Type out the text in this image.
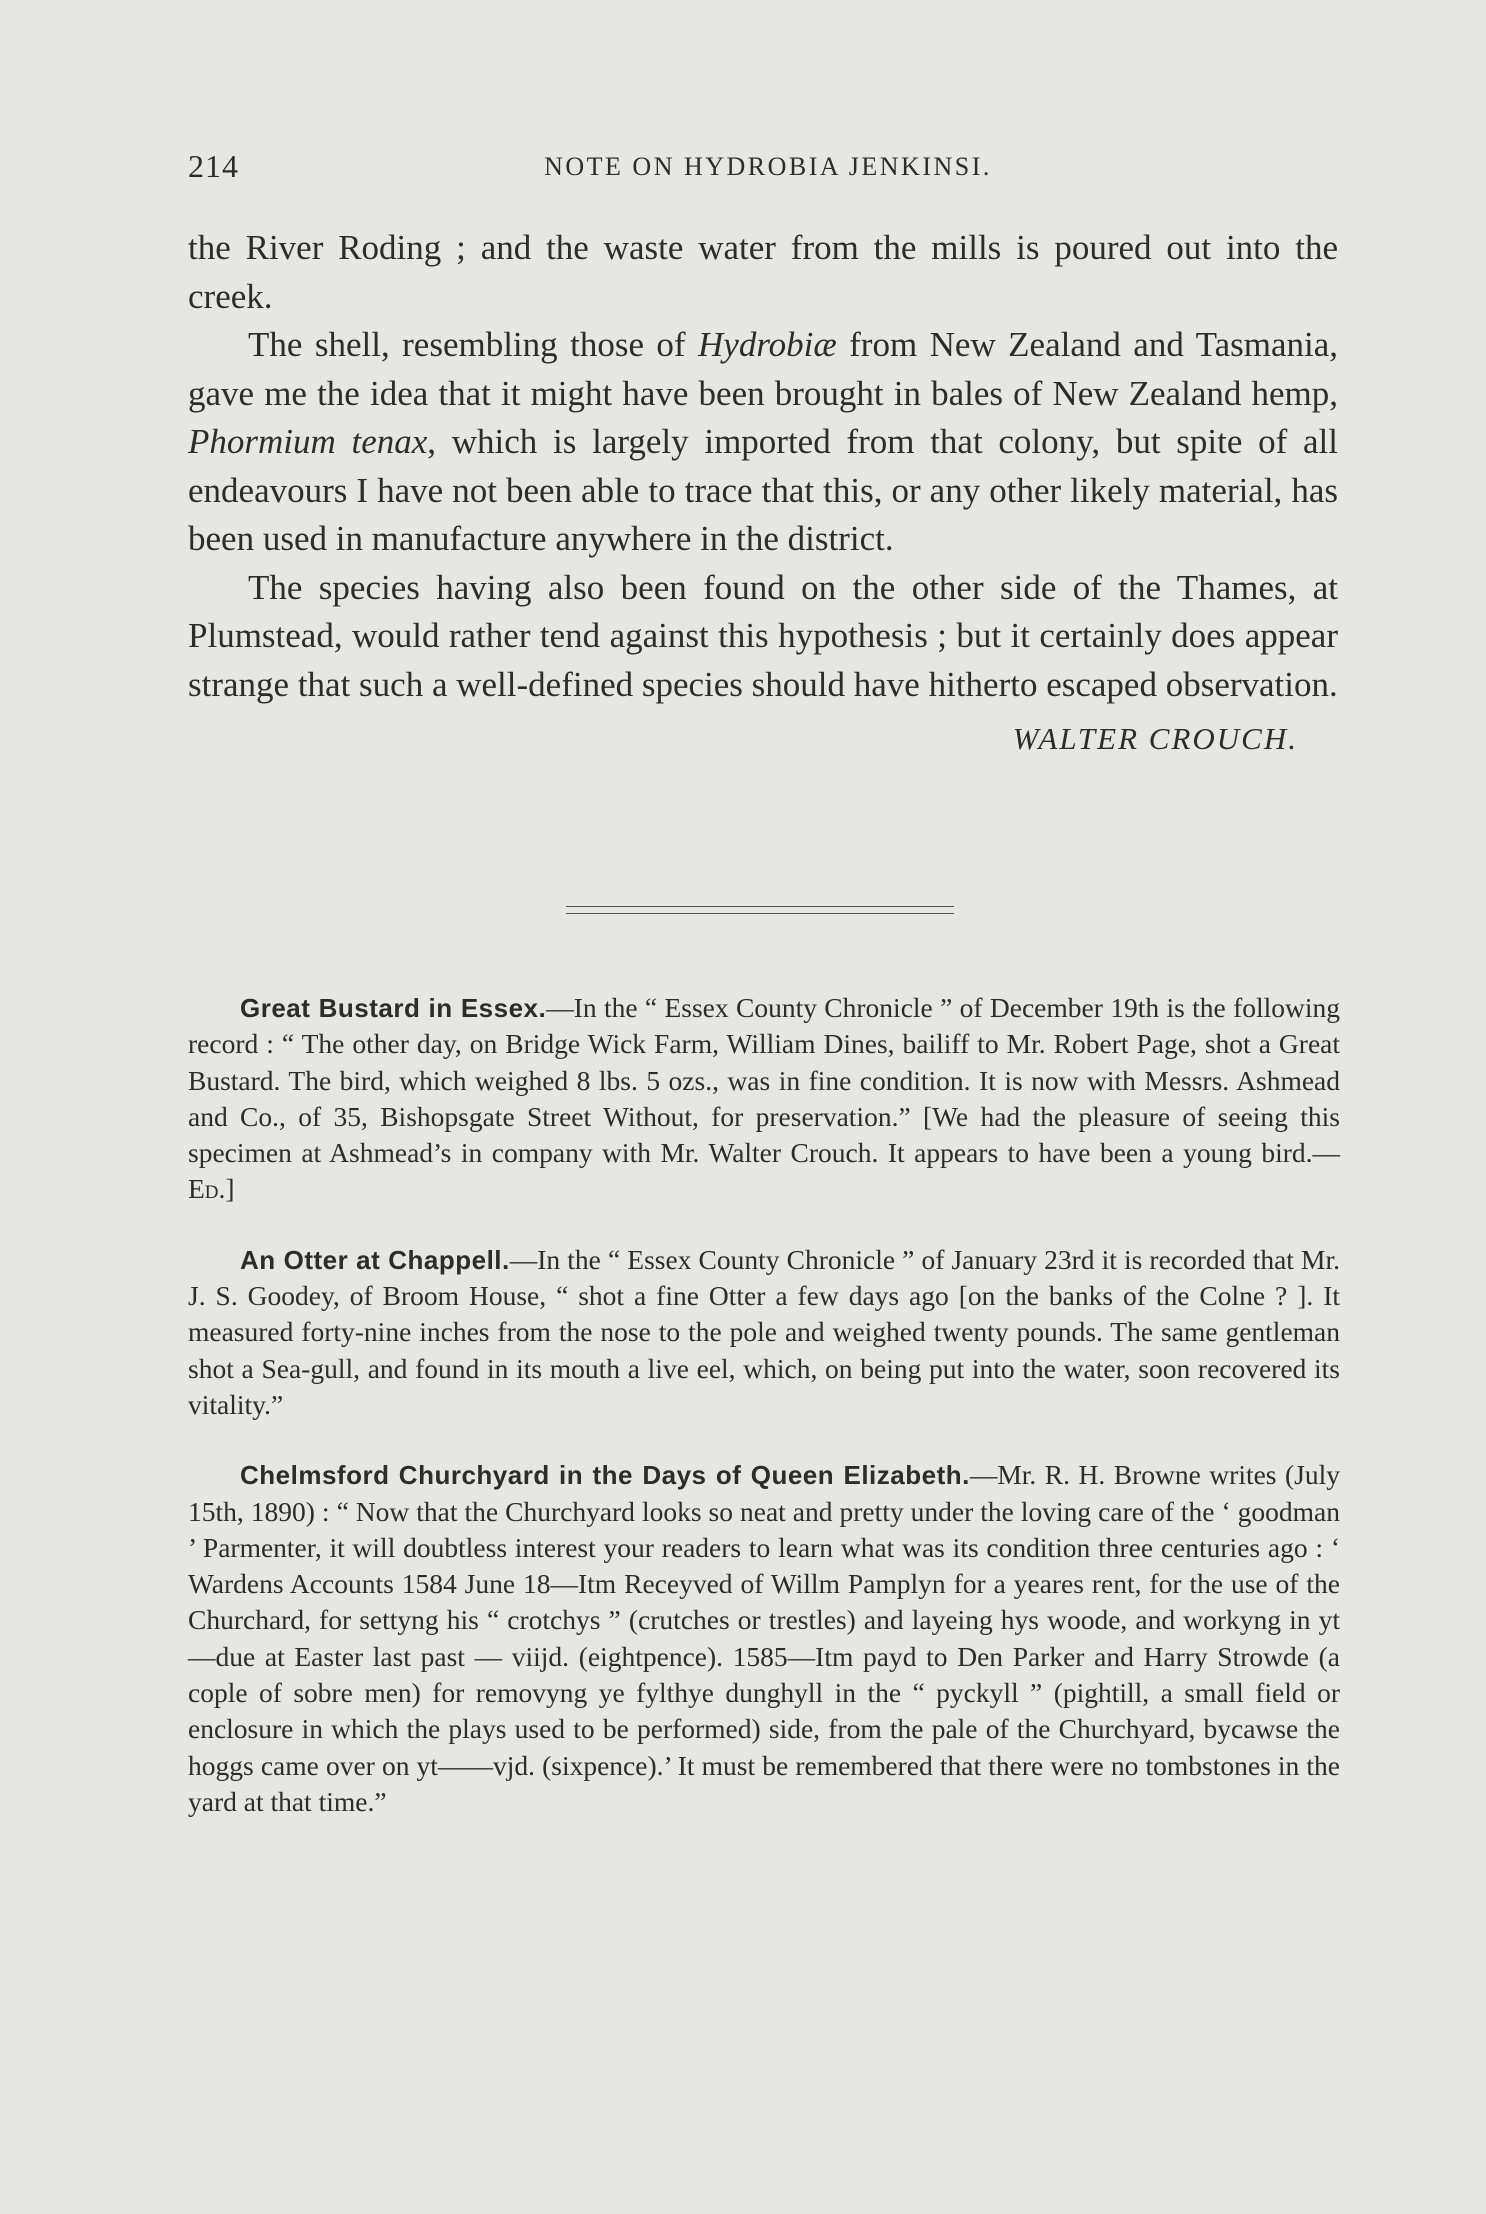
214	NOTE ON HYDROBIA JENKINSI.

the River Roding ; and the waste water from the mills is poured out into the creek.

The shell, resembling those of Hydrobiæ from New Zealand and Tasmania, gave me the idea that it might have been brought in bales of New Zealand hemp, Phormium tenax, which is largely imported from that colony, but spite of all endeavours I have not been able to trace that this, or any other likely material, has been used in manufacture anywhere in the district.

The species having also been found on the other side of the Thames, at Plumstead, would rather tend against this hypothesis ; but it certainly does appear strange that such a well-defined species should have hitherto escaped observation.

WALTER CROUCH.

Great Bustard in Essex.—In the “ Essex County Chronicle ” of December 19th is the following record : “ The other day, on Bridge Wick Farm, William Dines, bailiff to Mr. Robert Page, shot a Great Bustard. The bird, which weighed 8 lbs. 5 ozs., was in fine condition. It is now with Messrs. Ashmead and Co., of 35, Bishopsgate Street Without, for preservation.” [We had the pleasure of seeing this specimen at Ashmead’s in company with Mr. Walter Crouch. It appears to have been a young bird.—Ed.]

An Otter at Chappell.—In the “ Essex County Chronicle ” of January 23rd it is recorded that Mr. J. S. Goodey, of Broom House, “ shot a fine Otter a few days ago [on the banks of the Colne ? ]. It measured forty-nine inches from the nose to the pole and weighed twenty pounds. The same gentleman shot a Sea-gull, and found in its mouth a live eel, which, on being put into the water, soon recovered its vitality.”

Chelmsford Churchyard in the Days of Queen Elizabeth.—Mr. R. H. Browne writes (July 15th, 1890) : “ Now that the Churchyard looks so neat and pretty under the loving care of the ‘ goodman ’ Parmenter, it will doubtless interest your readers to learn what was its condition three centuries ago : ‘ Wardens Accounts 1584 June 18—Itm Receyved of Willm Pamplyn for a yeares rent, for the use of the Churchard, for settyng his “ crotchys ” (crutches or trestles) and layeing hys woode, and workyng in yt—due at Easter last past — viijd. (eightpence). 1585—Itm payd to Den Parker and Harry Strowde (a cople of sobre men) for removyng ye fylthye dunghyll in the “ pyckyll ” (pightill, a small field or enclosure in which the plays used to be performed) side, from the pale of the Churchyard, bycawse the hoggs came over on yt——vjd. (sixpence).’ It must be remembered that there were no tombstones in the yard at that time.”
